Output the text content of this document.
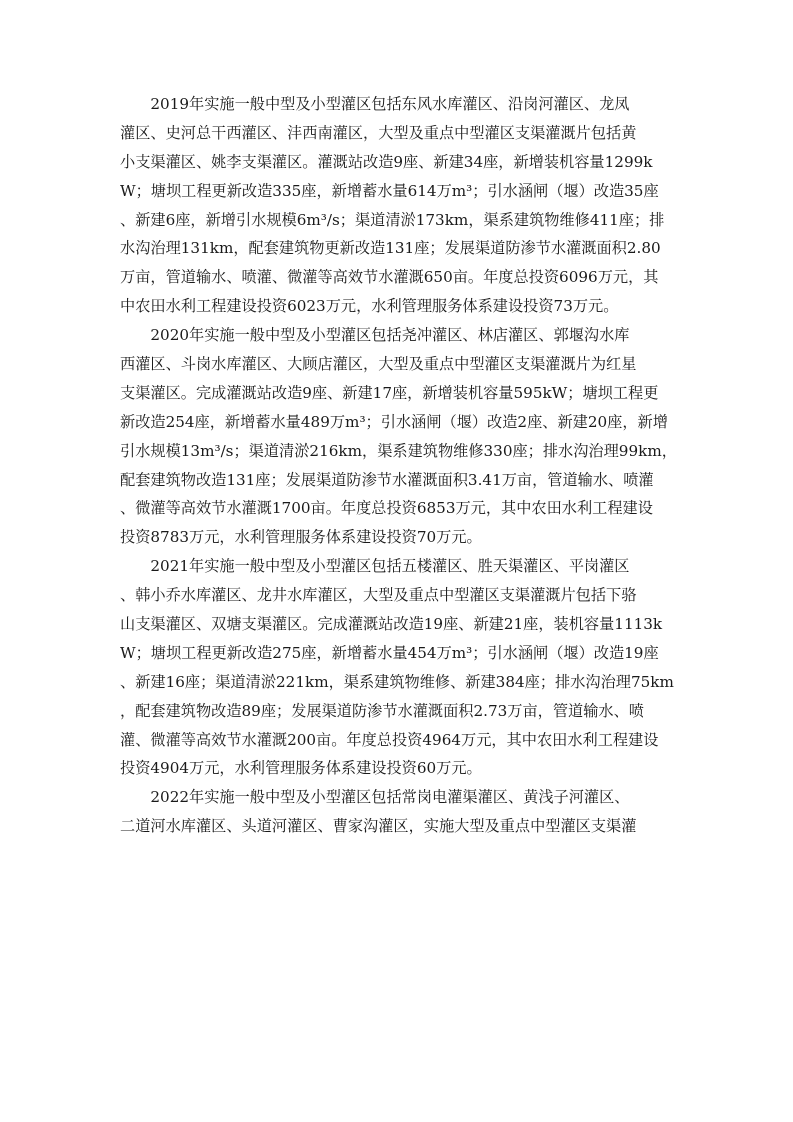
　　2019年实施一般中型及小型灌区包括东风水库灌区、沿岗河灌区、龙凤
灌区、史河总干西灌区、沣西南灌区，大型及重点中型灌区支渠灌溉片包括黄
小支渠灌区、姚李支渠灌区。灌溉站改造9座、新建34座，新增装机容量1299k
W；塘坝工程更新改造335座，新增蓄水量614万m³；引水涵闸（堰）改造35座
、新建6座，新增引水规模6m³/s；渠道清淤173km，渠系建筑物维修411座；排
水沟治理131km，配套建筑物更新改造131座；发展渠道防渗节水灌溉面积2.80
万亩，管道输水、喷灌、微灌等高效节水灌溉650亩。年度总投资6096万元，其
中农田水利工程建设投资6023万元，水利管理服务体系建设投资73万元。
　　2020年实施一般中型及小型灌区包括尧冲灌区、林店灌区、郭堰沟水库
西灌区、斗岗水库灌区、大顾店灌区，大型及重点中型灌区支渠灌溉片为红星
支渠灌区。完成灌溉站改造9座、新建17座，新增装机容量595kW；塘坝工程更
新改造254座，新增蓄水量489万m³；引水涵闸（堰）改造2座、新建20座，新增
引水规模13m³/s；渠道清淤216km，渠系建筑物维修330座；排水沟治理99km，
配套建筑物改造131座；发展渠道防渗节水灌溉面积3.41万亩，管道输水、喷灌
、微灌等高效节水灌溉1700亩。年度总投资6853万元，其中农田水利工程建设
投资8783万元，水利管理服务体系建设投资70万元。
　　2021年实施一般中型及小型灌区包括五楼灌区、胜天渠灌区、平岗灌区
、韩小乔水库灌区、龙井水库灌区，大型及重点中型灌区支渠灌溉片包括下骆
山支渠灌区、双塘支渠灌区。完成灌溉站改造19座、新建21座，装机容量1113k
W；塘坝工程更新改造275座，新增蓄水量454万m³；引水涵闸（堰）改造19座
、新建16座；渠道清淤221km，渠系建筑物维修、新建384座；排水沟治理75km
，配套建筑物改造89座；发展渠道防渗节水灌溉面积2.73万亩，管道输水、喷
灌、微灌等高效节水灌溉200亩。年度总投资4964万元，其中农田水利工程建设
投资4904万元，水利管理服务体系建设投资60万元。
　　2022年实施一般中型及小型灌区包括常岗电灌渠灌区、黄浅子河灌区、
二道河水库灌区、头道河灌区、曹家沟灌区，实施大型及重点中型灌区支渠灌
